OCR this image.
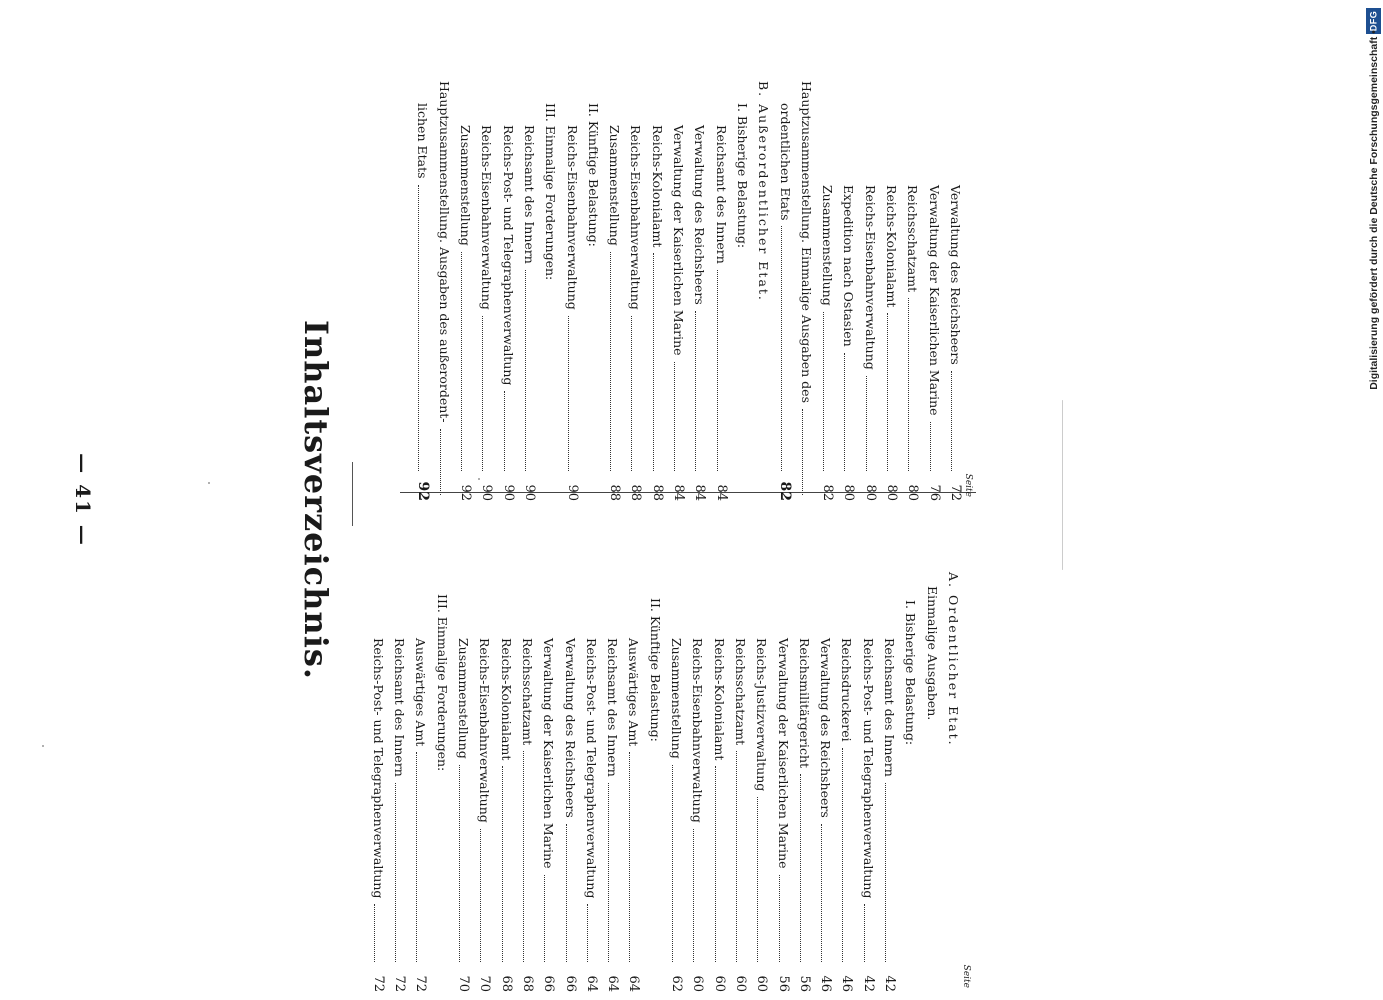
— 41 —	Inhaltsverzeichnis.
Seite
A. Ordentlicher Etat.
Einmalige Ausgaben.
I. Bisherige Belastung:
Reichsamt des Innern
42
Reichs-Post- und Telegraphenverwaltung
42
Reichsdruckerei
46
Verwaltung des Reichsheers
46
Reichsmilitärgericht
56
Verwaltung der Kaiserlichen Marine
56
Reichs-Justizverwaltung
60
Reichsschatzamt
60
Reichs-Kolonialamt
60
Reichs-Eisenbahnverwaltung
60
Zusammenstellung
62
II. Künftige Belastung:
Auswärtiges Amt
64
Reichsamt des Innern
64
Reichs-Post- und Telegraphenverwaltung
64
Verwaltung des Reichsheers
66
Verwaltung der Kaiserlichen Marine
66
Reichsschatzamt
68
Reichs-Kolonialamt
68
Reichs-Eisenbahnverwaltung
70
Zusammenstellung
70
III. Einmalige Forderungen:
Auswärtiges Amt
72
Reichsamt des Innern
72
Reichs-Post- und Telegraphenverwaltung
72
Seite
Verwaltung des Reichsheers
72
Verwaltung der Kaiserlichen Marine
76
Reichsschatzamt
80
Reichs-Kolonialamt
80
Reichs-Eisenbahnverwaltung
80
Expedition nach Ostasien
80
Zusammenstellung
82
Hauptzusammenstellung. Einmalige Ausgaben des
ordentlichen Etats
82
B. Außerordentlicher Etat.
I. Bisherige Belastung:
Reichsamt des Innern
84
Verwaltung des Reichsheers
84
Verwaltung der Kaiserlichen Marine
84
Reichs-Kolonialamt
88
Reichs-Eisenbahnverwaltung
88
Zusammenstellung
88
II. Künftige Belastung:
Reichs-Eisenbahnverwaltung
90
III. Einmalige Forderungen:
Reichsamt des Innern
90
Reichs-Post- und Telegraphenverwaltung
90
Reichs-Eisenbahnverwaltung
90
Zusammenstellung
92
Hauptzusammenstellung. Ausgaben des außerordent-
lichen Etats
92
DFG
Digitalisierung gefördert durch die Deutsche Forschungsgemeinschaft •
